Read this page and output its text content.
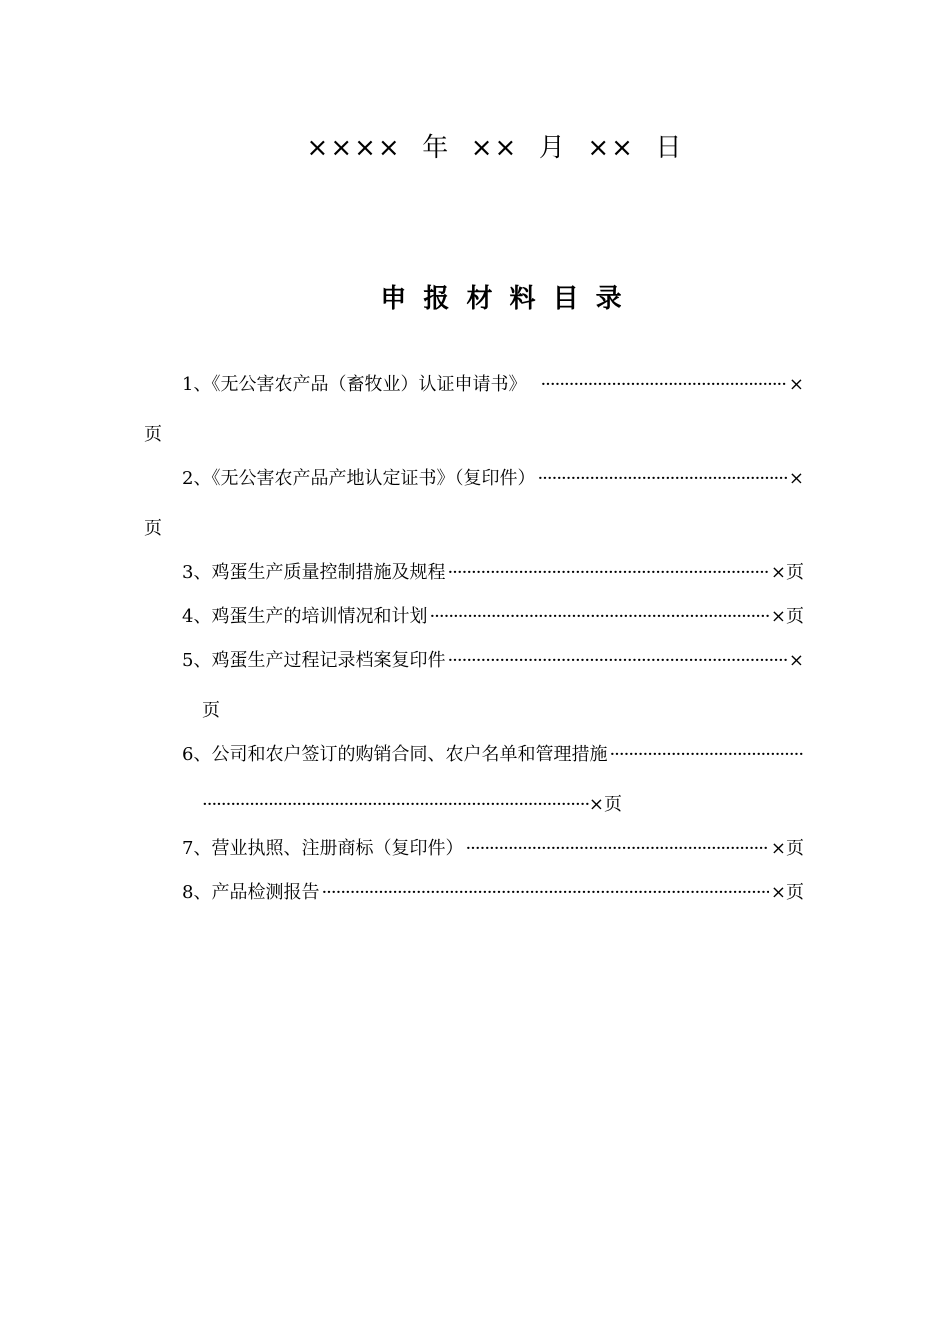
××××  年  ××  月  ××  日
申 报 材 料 目 录
1、《无公害农产品（畜牧业）认证申请书》 ·····	×
页
2、《无公害农产品产地认定证书》（复印件） ·····	×
页
3、鸡蛋生产质量控制措施及规程 ·····	×页
4、鸡蛋生产的培训情况和计划 ·····	×页
5、鸡蛋生产过程记录档案复印件 ·····	×
页
6、公司和农户签订的购销合同、农户名单和管理措施
·····
·····
×页
7、营业执照、注册商标（复印件） ·····	×页
8、产品检测报告 ·····	×页
